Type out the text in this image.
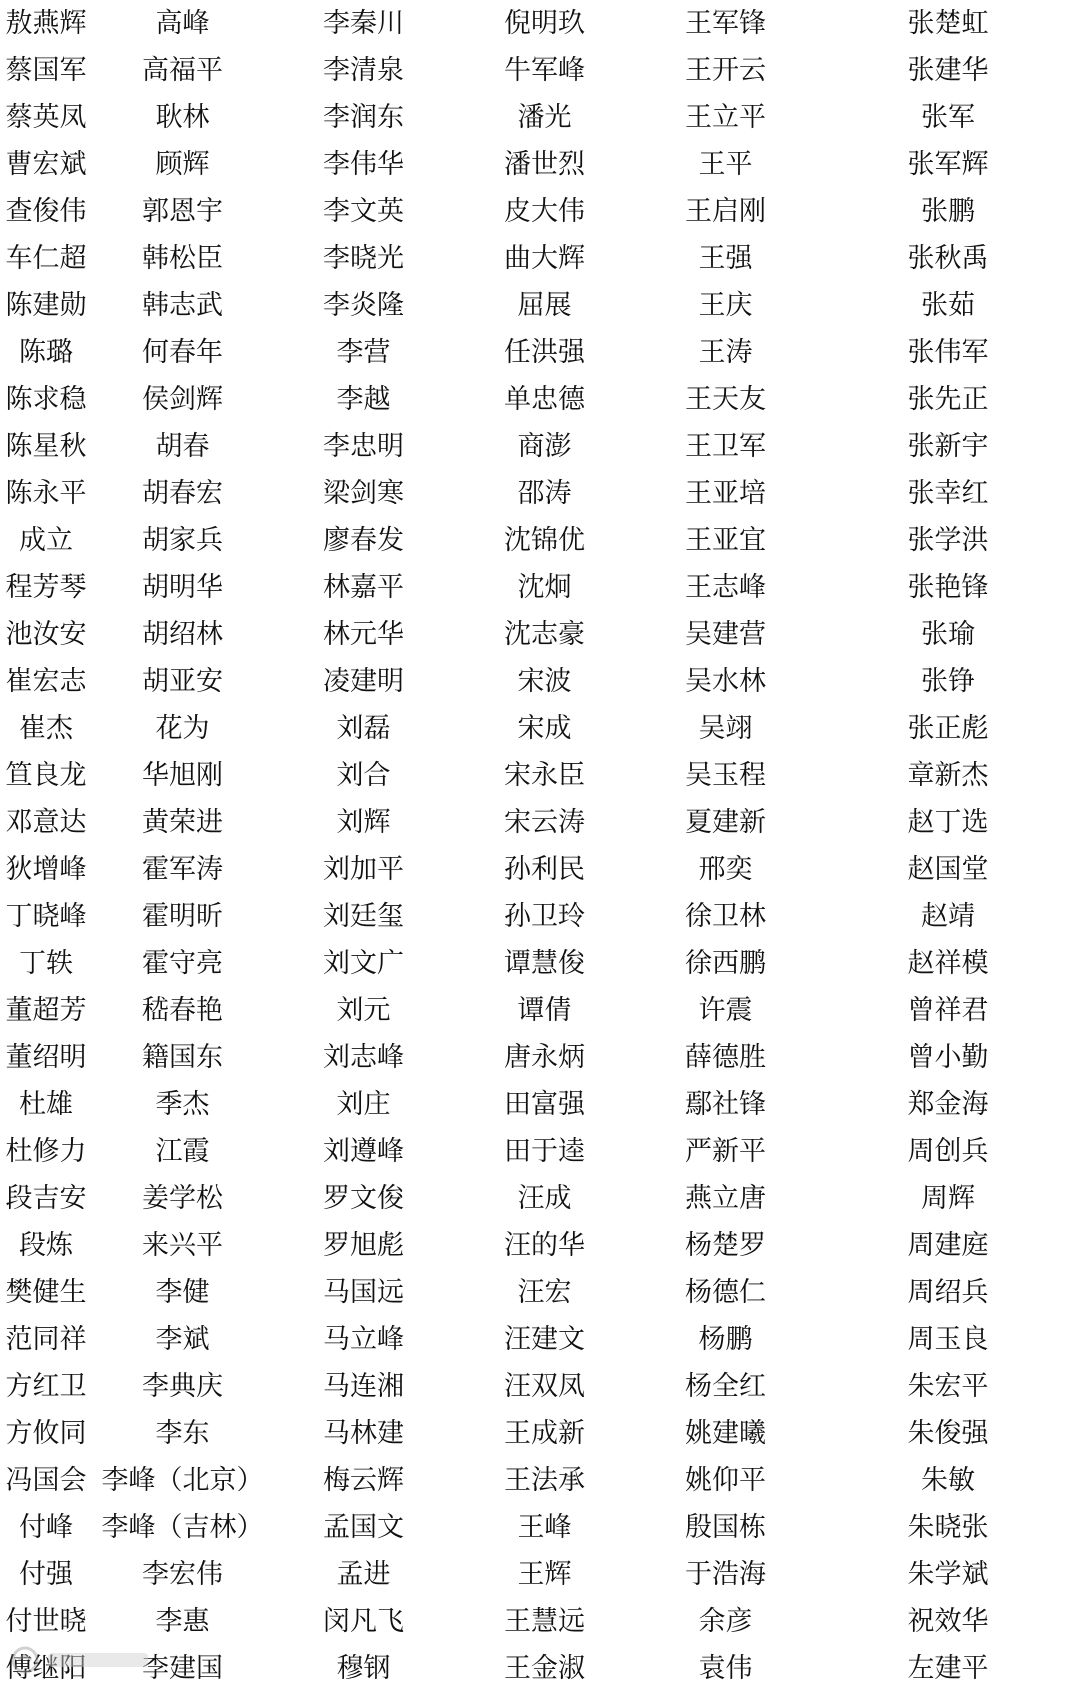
敖燕辉	高峰	李秦川	倪明玖	王军锋	张楚虹
蔡国军	高福平	李清泉	牛军峰	王开云	张建华
蔡英凤	耿林	李润东	潘光	王立平	张军
曹宏斌	顾辉	李伟华	潘世烈	王平	张军辉
查俊伟	郭恩宇	李文英	皮大伟	王启刚	张鹏
车仁超	韩松臣	李晓光	曲大辉	王强	张秋禹
陈建勋	韩志武	李炎隆	屈展	王庆	张茹
陈璐	何春年	李营	任洪强	王涛	张伟军
陈求稳	侯剑辉	李越	单忠德	王天友	张先正
陈星秋	胡春	李忠明	商澎	王卫军	张新宇
陈永平	胡春宏	梁剑寒	邵涛	王亚培	张幸红
成立	胡家兵	廖春发	沈锦优	王亚宜	张学洪
程芳琴	胡明华	林嘉平	沈炯	王志峰	张艳锋
池汝安	胡绍林	林元华	沈志豪	吴建营	张瑜
崔宏志	胡亚安	凌建明	宋波	吴水林	张铮
崔杰	花为	刘磊	宋成	吴翊	张正彪
笪良龙	华旭刚	刘合	宋永臣	吴玉程	章新杰
邓意达	黄荣进	刘辉	宋云涛	夏建新	赵丁选
狄增峰	霍军涛	刘加平	孙利民	邢奕	赵国堂
丁晓峰	霍明昕	刘廷玺	孙卫玲	徐卫林	赵靖
丁轶	霍守亮	刘文广	谭慧俊	徐西鹏	赵祥模
董超芳	嵇春艳	刘元	谭倩	许震	曾祥君
董绍明	籍国东	刘志峰	唐永炳	薛德胜	曾小勤
杜雄	季杰	刘庄	田富强	鄢社锋	郑金海
杜修力	江霞	刘遵峰	田于逵	严新平	周创兵
段吉安	姜学松	罗文俊	汪成	燕立唐	周辉
段炼	来兴平	罗旭彪	汪的华	杨楚罗	周建庭
樊健生	李健	马国远	汪宏	杨德仁	周绍兵
范同祥	李斌	马立峰	汪建文	杨鹏	周玉良
方红卫	李典庆	马连湘	汪双凤	杨全红	朱宏平
方攸同	李东	马林建	王成新	姚建曦	朱俊强
冯国会	李峰（北京）	梅云辉	王法承	姚仰平	朱敏
付峰	李峰（吉林）	孟国文	王峰	殷国栋	朱晓张
付强	李宏伟	孟进	王辉	于浩海	朱学斌
付世晓	李惠	闵凡飞	王慧远	余彦	祝效华
傅继阳	李建国	穆钢	王金淑	袁伟	左建平
